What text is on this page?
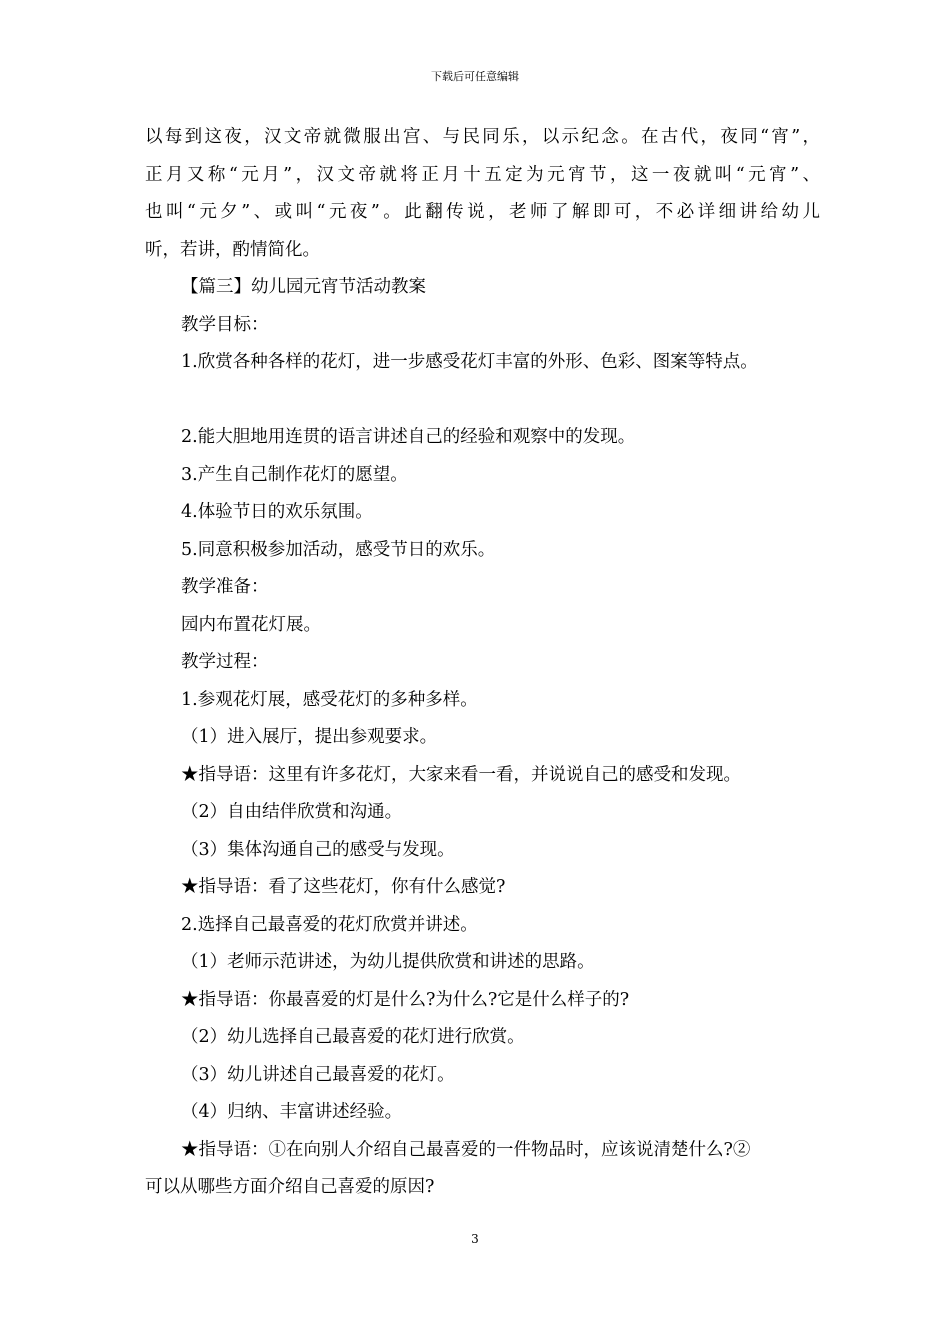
下载后可任意编辑
以每到这夜，汉文帝就微服出宫、与民同乐，以示纪念。在古代，夜同“宵”，
正月又称“元月”，汉文帝就将正月十五定为元宵节，这一夜就叫“元宵”、
也叫“元夕”、或叫“元夜”。此翻传说，老师了解即可，不必详细讲给幼儿
听，若讲，酌情简化。
【篇三】幼儿园元宵节活动教案
教学目标：
1.欣赏各种各样的花灯，进一步感受花灯丰富的外形、色彩、图案等特点。
2.能大胆地用连贯的语言讲述自己的经验和观察中的发现。
3.产生自己制作花灯的愿望。
4.体验节日的欢乐氛围。
5.同意积极参加活动，感受节日的欢乐。
教学准备：
园内布置花灯展。
教学过程：
1.参观花灯展，感受花灯的多种多样。
（1）进入展厅，提出参观要求。
★指导语：这里有许多花灯，大家来看一看，并说说自己的感受和发现。
（2）自由结伴欣赏和沟通。
（3）集体沟通自己的感受与发现。
★指导语：看了这些花灯，你有什么感觉?
2.选择自己最喜爱的花灯欣赏并讲述。
（1）老师示范讲述，为幼儿提供欣赏和讲述的思路。
★指导语：你最喜爱的灯是什么?为什么?它是什么样子的?
（2）幼儿选择自己最喜爱的花灯进行欣赏。
（3）幼儿讲述自己最喜爱的花灯。
（4）归纳、丰富讲述经验。
★指导语：①在向别人介绍自己最喜爱的一件物品时，应该说清楚什么?②
可以从哪些方面介绍自己喜爱的原因?
3
